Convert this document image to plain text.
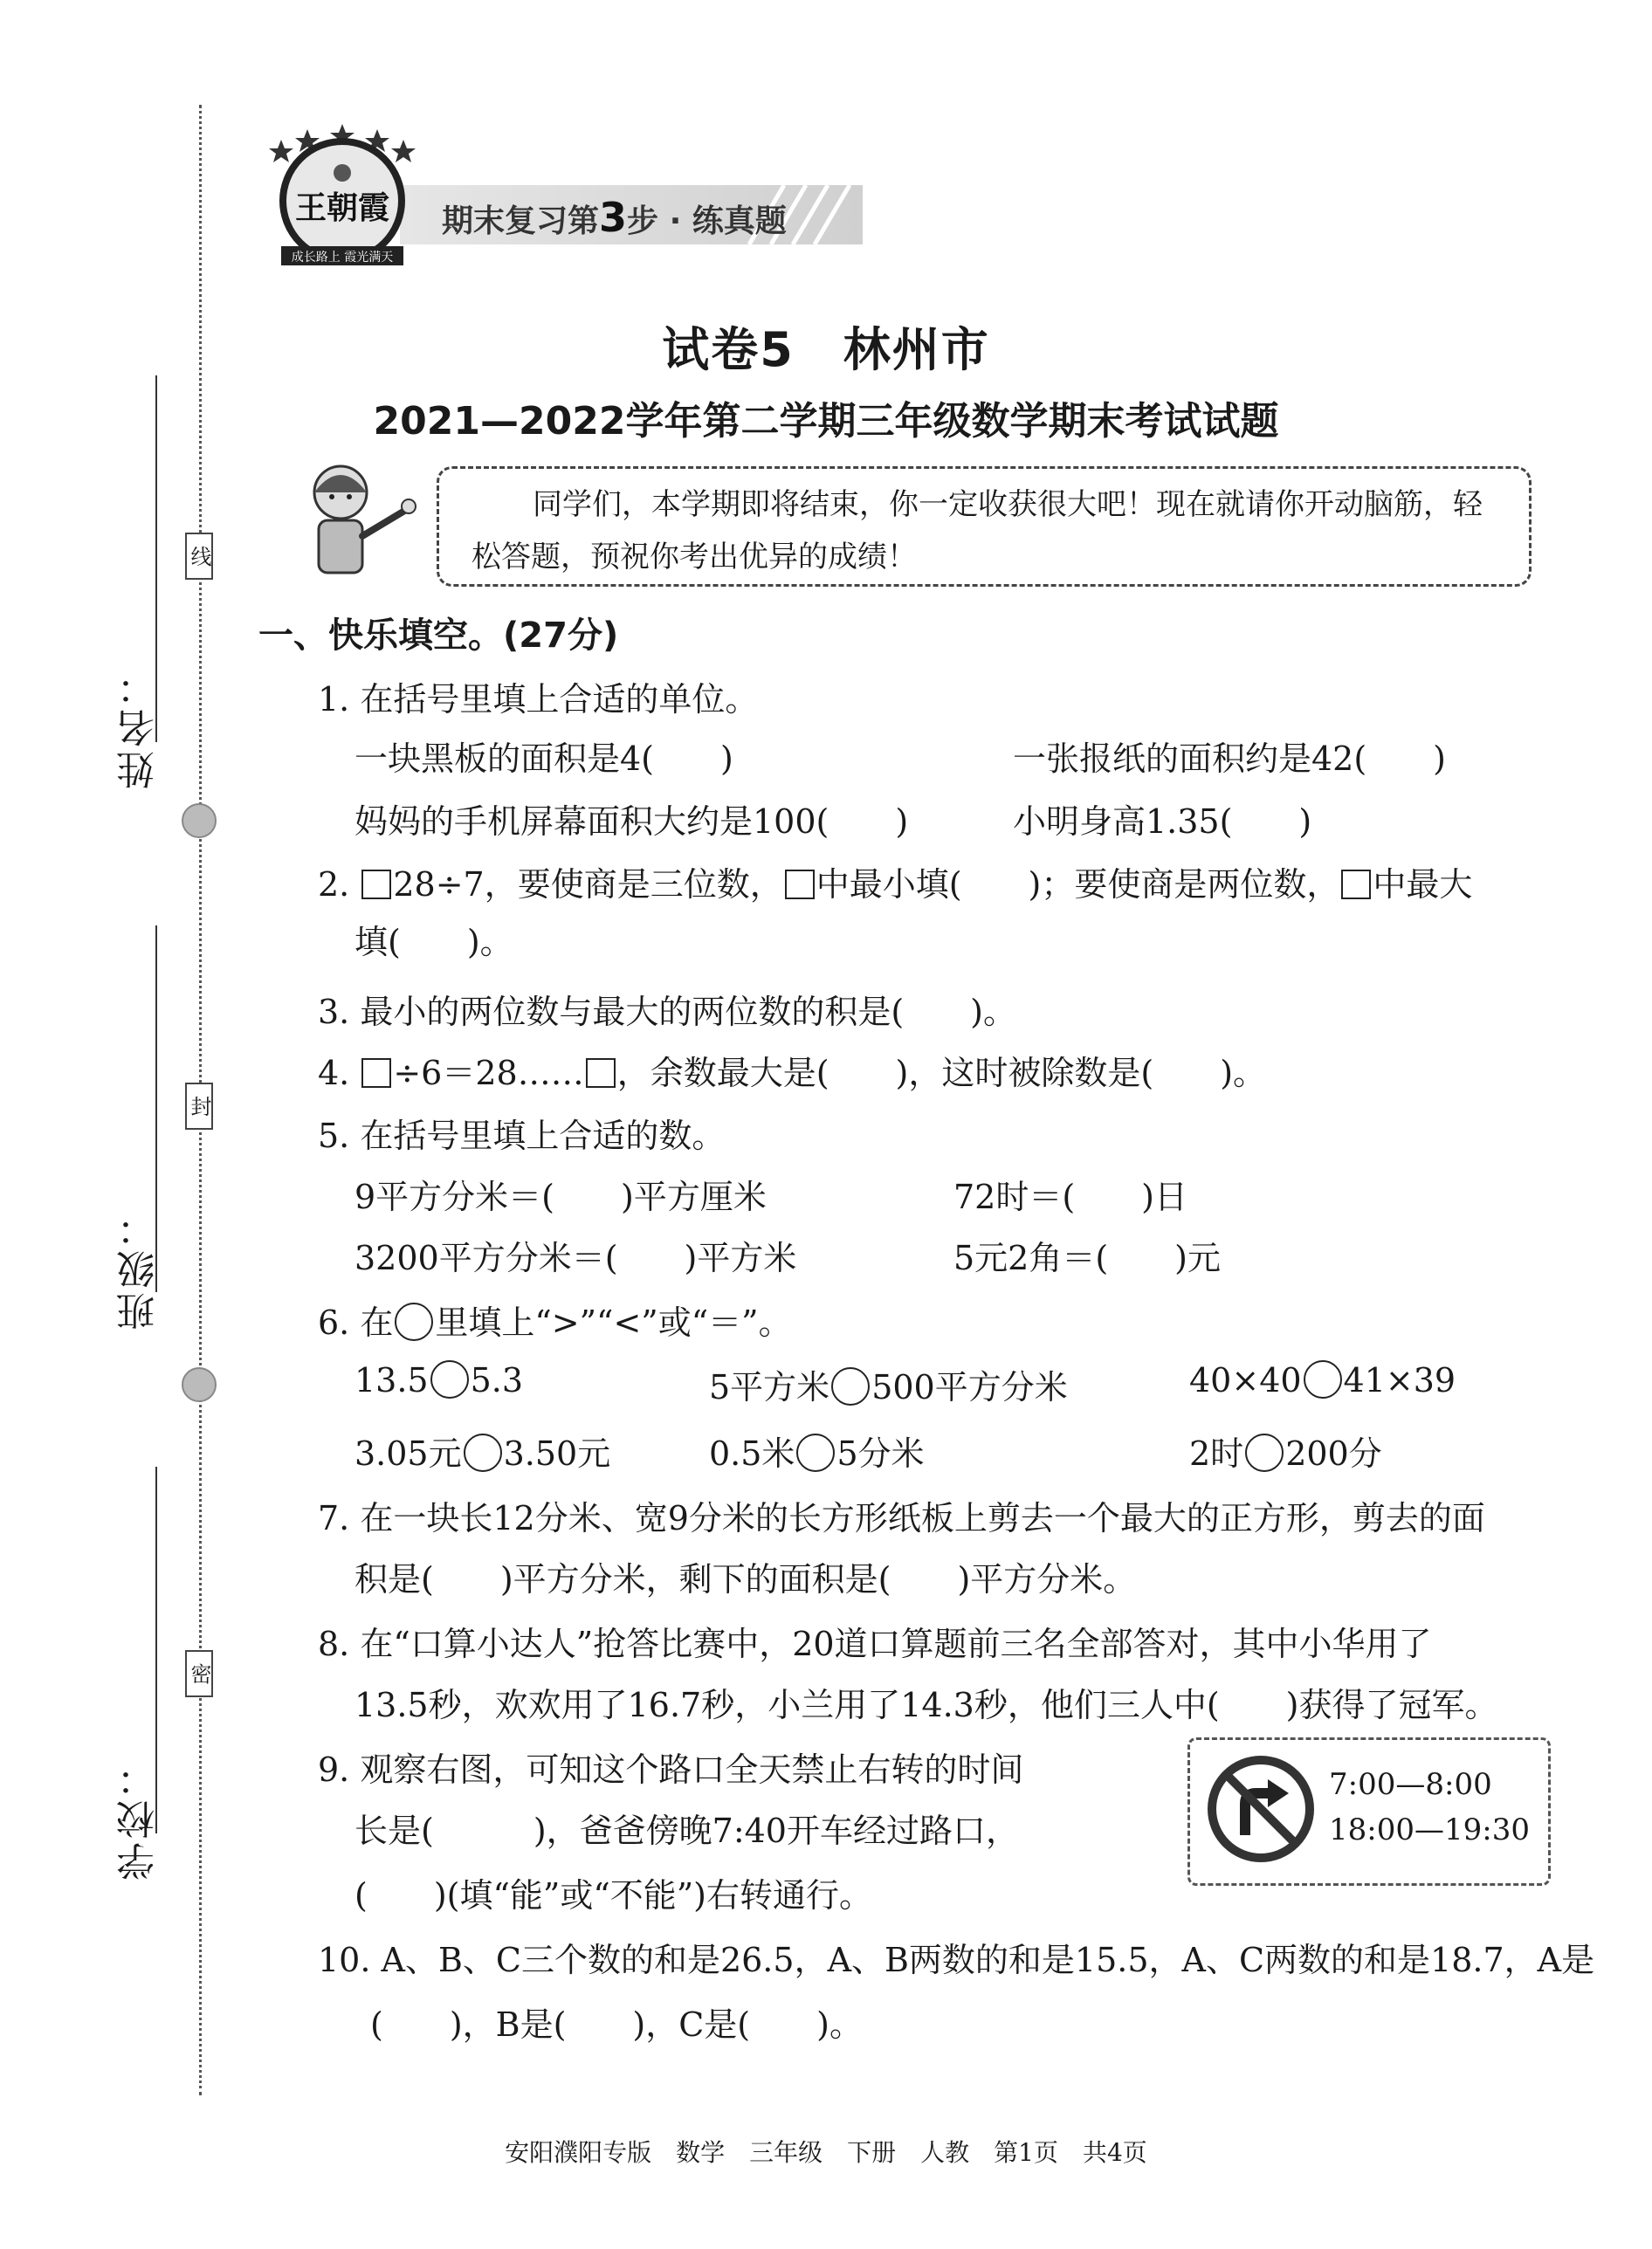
姓名：
线
班级：
封
学校：
密
期末复习第3步 · 练真题
王朝霞
成长路上 霞光满天
试卷5　林州市
2021—2022学年第二学期三年级数学期末考试试题
同学们，本学期即将结束，你一定收获很大吧！现在就请你开动脑筋，轻松答题，预祝你考出优异的成绩！
一、快乐填空。(27分)
1. 在括号里填上合适的单位。
一块黑板的面积是4(　　)	一张报纸的面积约是42(　　)
妈妈的手机屏幕面积大约是100(　　)	小明身高1.35(　　)
2. 28÷7，要使商是三位数， 中最小填(　　)；要使商是两位数， 中最大
填(　　)。
3. 最小的两位数与最大的两位数的积是(　　)。
4. ÷6＝28…… ，余数最大是(　　)，这时被除数是(　　)。
5. 在括号里填上合适的数。
9平方分米＝(　　)平方厘米	72时＝(　　)日
3200平方分米＝(　　)平方米	5元2角＝(　　)元
6. 在 里填上“>”“<”或“＝”。
13.5 5.3	5平方米 500平方分米	40×40 41×39
3.05元 3.50元	0.5米 5分米	2时 200分
7. 在一块长12分米、宽9分米的长方形纸板上剪去一个最大的正方形，剪去的面
积是(　　)平方分米，剩下的面积是(　　)平方分米。
8. 在“口算小达人”抢答比赛中，20道口算题前三名全部答对，其中小华用了
13.5秒，欢欢用了16.7秒，小兰用了14.3秒，他们三人中(　　)获得了冠军。
9. 观察右图，可知这个路口全天禁止右转的时间
长是(　　　)，爸爸傍晚7:40开车经过路口，
(　　)(填“能”或“不能”)右转通行。
7:00—8:00
18:00—19:30
10. A、B、C三个数的和是26.5，A、B两数的和是15.5，A、C两数的和是18.7，A是
(　　)，B是(　　)，C是(　　)。
安阳濮阳专版　数学　三年级　下册　人教　第1页　共4页
